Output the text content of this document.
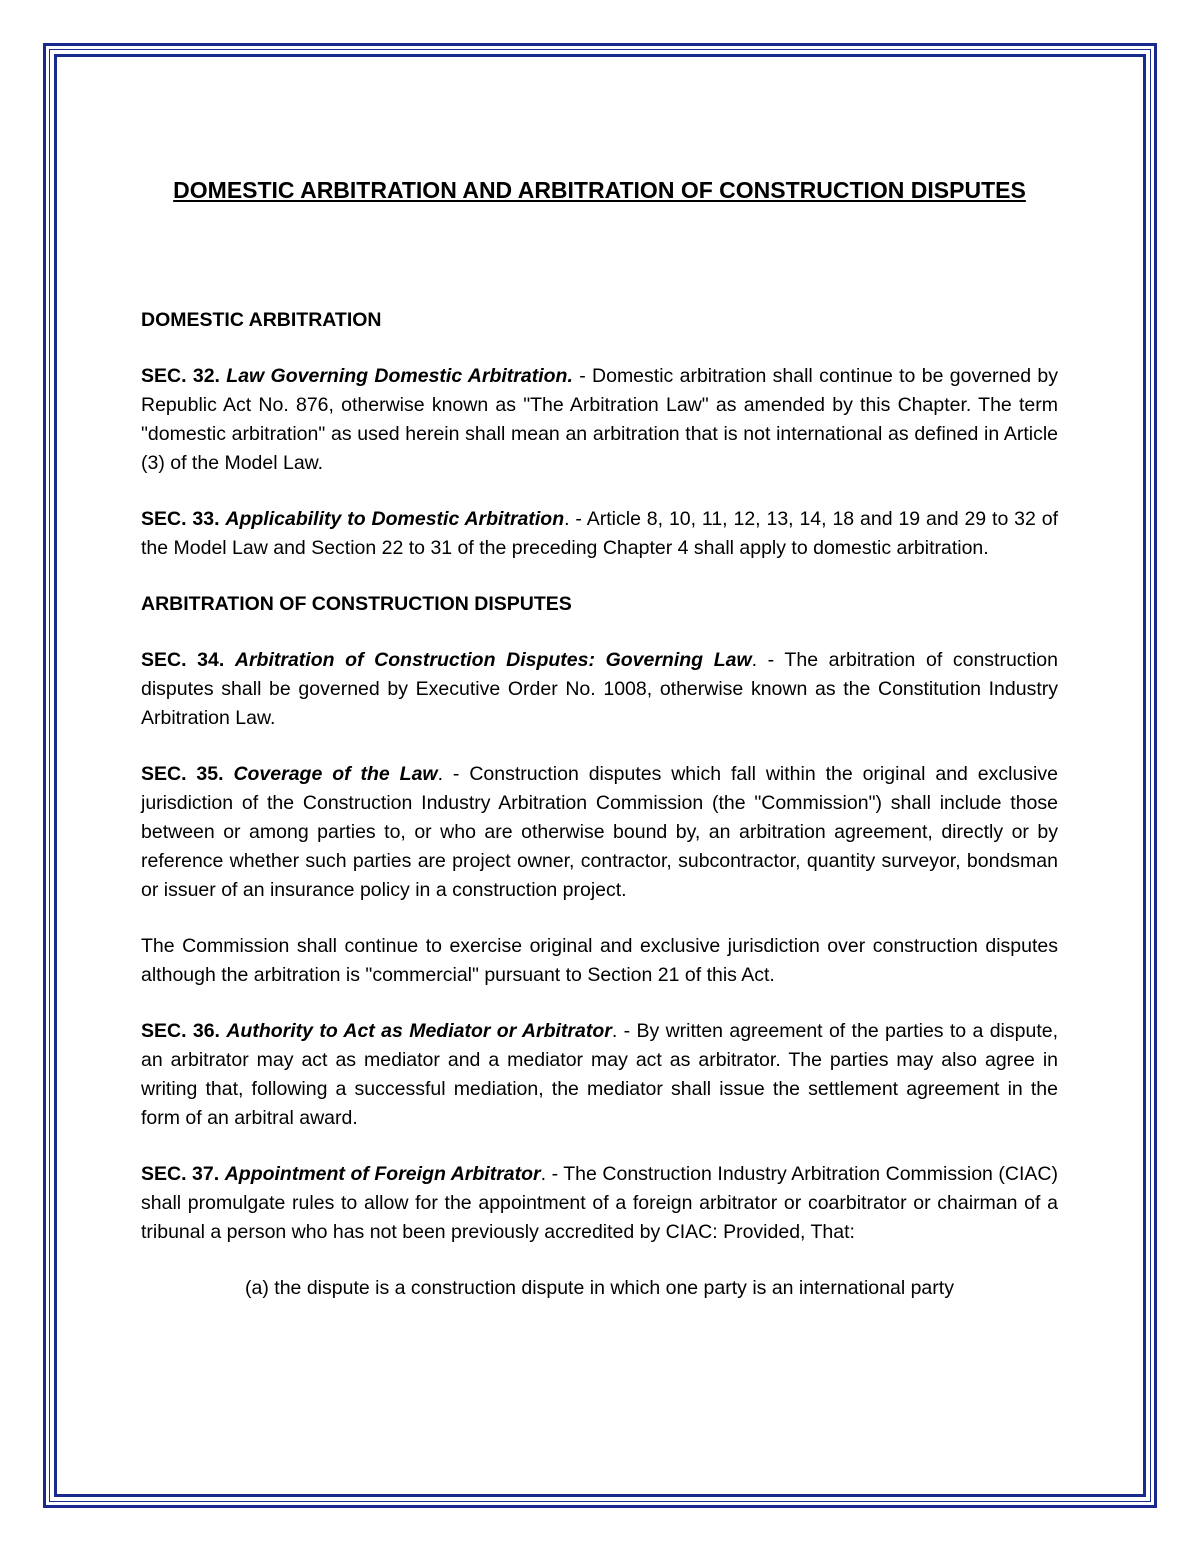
DOMESTIC ARBITRATION AND ARBITRATION OF CONSTRUCTION DISPUTES
DOMESTIC ARBITRATION

SEC. 32. Law Governing Domestic Arbitration. - Domestic arbitration shall continue to be governed by Republic Act No. 876, otherwise known as "The Arbitration Law" as amended by this Chapter. The term "domestic arbitration" as used herein shall mean an arbitration that is not international as defined in Article (3) of the Model Law.

SEC. 33. Applicability to Domestic Arbitration. - Article 8, 10, 11, 12, 13, 14, 18 and 19 and 29 to 32 of the Model Law and Section 22 to 31 of the preceding Chapter 4 shall apply to domestic arbitration.

ARBITRATION OF CONSTRUCTION DISPUTES

SEC. 34. Arbitration of Construction Disputes: Governing Law. - The arbitration of construction disputes shall be governed by Executive Order No. 1008, otherwise known as the Constitution Industry Arbitration Law.

SEC. 35. Coverage of the Law. - Construction disputes which fall within the original and exclusive jurisdiction of the Construction Industry Arbitration Commission (the "Commission") shall include those between or among parties to, or who are otherwise bound by, an arbitration agreement, directly or by reference whether such parties are project owner, contractor, subcontractor, quantity surveyor, bondsman or issuer of an insurance policy in a construction project.

The Commission shall continue to exercise original and exclusive jurisdiction over construction disputes although the arbitration is "commercial" pursuant to Section 21 of this Act.

SEC. 36. Authority to Act as Mediator or Arbitrator. - By written agreement of the parties to a dispute, an arbitrator may act as mediator and a mediator may act as arbitrator. The parties may also agree in writing that, following a successful mediation, the mediator shall issue the settlement agreement in the form of an arbitral award.

SEC. 37. Appointment of Foreign Arbitrator. - The Construction Industry Arbitration Commission (CIAC) shall promulgate rules to allow for the appointment of a foreign arbitrator or coarbitrator or chairman of a tribunal a person who has not been previously accredited by CIAC: Provided, That:

(a) the dispute is a construction dispute in which one party is an international party
